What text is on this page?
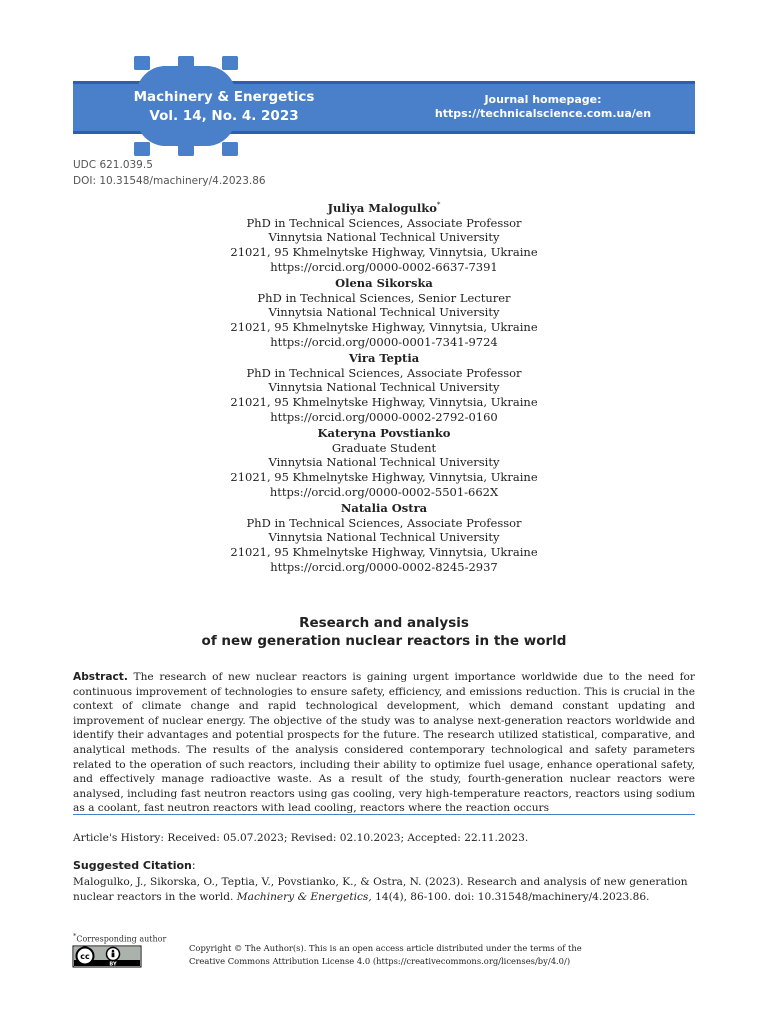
Machinery & Energetics
Vol. 14, No. 4. 2023
Journal homepage:
https://technicalscience.com.ua/en
UDC 621.039.5
DOI: 10.31548/machinery/4.2023.86
Juliya Malogulko*
PhD in Technical Sciences, Associate Professor
Vinnytsia National Technical University
21021, 95 Khmelnytske Highway, Vinnytsia, Ukraine
https://orcid.org/0000-0002-6637-7391
Olena Sikorska
PhD in Technical Sciences, Senior Lecturer
Vinnytsia National Technical University
21021, 95 Khmelnytske Highway, Vinnytsia, Ukraine
https://orcid.org/0000-0001-7341-9724
Vira Teptia
PhD in Technical Sciences, Associate Professor
Vinnytsia National Technical University
21021, 95 Khmelnytske Highway, Vinnytsia, Ukraine
https://orcid.org/0000-0002-2792-0160
Kateryna Povstianko
Graduate Student
Vinnytsia National Technical University
21021, 95 Khmelnytske Highway, Vinnytsia, Ukraine
https://orcid.org/0000-0002-5501-662X
Natalia Ostra
PhD in Technical Sciences, Associate Professor
Vinnytsia National Technical University
21021, 95 Khmelnytske Highway, Vinnytsia, Ukraine
https://orcid.org/0000-0002-8245-2937
Research and analysis
of new generation nuclear reactors in the world
Abstract. The research of new nuclear reactors is gaining urgent importance worldwide due to the need for continuous improvement of technologies to ensure safety, efficiency, and emissions reduction. This is crucial in the context of climate change and rapid technological development, which demand constant updating and improvement of nuclear energy. The objective of the study was to analyse next-generation reactors worldwide and identify their advantages and potential prospects for the future. The research utilized statistical, comparative, and analytical methods. The results of the analysis considered contemporary technological and safety parameters related to the operation of such reactors, including their ability to optimize fuel usage, enhance operational safety, and effectively manage radioactive waste. As a result of the study, fourth-generation nuclear reactors were analysed, including fast neutron reactors using gas cooling, very high-temperature reactors, reactors using sodium as a coolant, fast neutron reactors with lead cooling, reactors where the reaction occurs
Article's History: Received: 05.07.2023; Revised: 02.10.2023; Accepted: 22.11.2023.
Suggested Citation:
Malogulko, J., Sikorska, O., Teptia, V., Povstianko, K., & Ostra, N. (2023). Research and analysis of new generation nuclear reactors in the world. Machinery & Energetics, 14(4), 86-100. doi: 10.31548/machinery/4.2023.86.
*Corresponding author
cc
BY
Copyright © The Author(s). This is an open access article distributed under the terms of the
Creative Commons Attribution License 4.0 (https://creativecommons.org/licenses/by/4.0/)
